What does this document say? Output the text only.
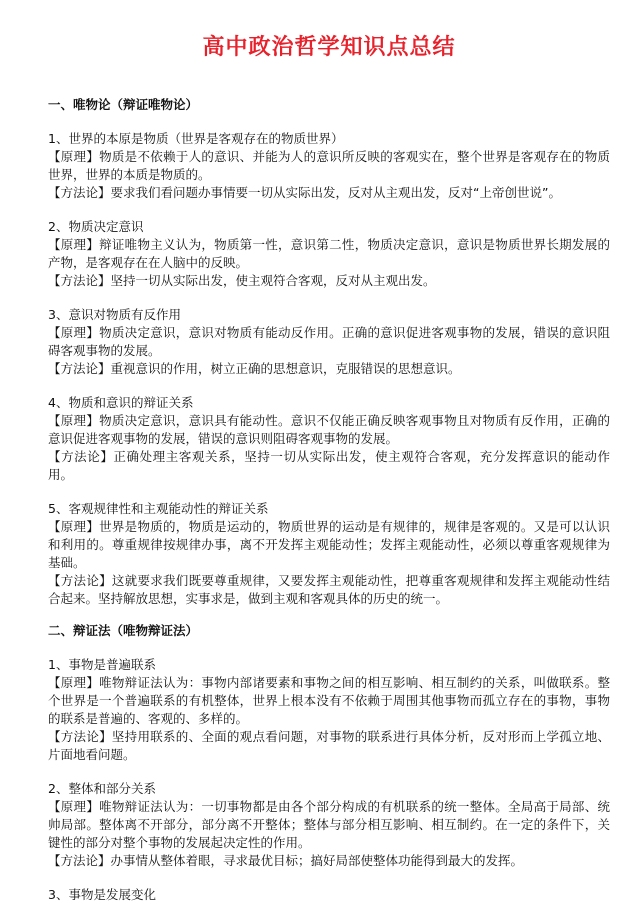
高中政治哲学知识点总结
一、唯物论（辩证唯物论）

1、世界的本原是物质（世界是客观存在的物质世界）

【原理】物质是不依赖于人的意识、并能为人的意识所反映的客观实在，整个世界是客观存在的物质世界，世界的本质是物质的。

【方法论】要求我们看问题办事情要一切从实际出发，反对从主观出发，反对“上帝创世说”。

2、物质决定意识

【原理】辩证唯物主义认为，物质第一性，意识第二性，物质决定意识，意识是物质世界长期发展的产物，是客观存在在人脑中的反映。

【方法论】坚持一切从实际出发，使主观符合客观，反对从主观出发。

3、意识对物质有反作用

【原理】物质决定意识，意识对物质有能动反作用。正确的意识促进客观事物的发展，错误的意识阻碍客观事物的发展。

【方法论】重视意识的作用，树立正确的思想意识，克服错误的思想意识。

4、物质和意识的辩证关系

【原理】物质决定意识，意识具有能动性。意识不仅能正确反映客观事物且对物质有反作用，正确的意识促进客观事物的发展，错误的意识则阻碍客观事物的发展。

【方法论】正确处理主客观关系，坚持一切从实际出发，使主观符合客观，充分发挥意识的能动作用。

5、客观规律性和主观能动性的辩证关系

【原理】世界是物质的，物质是运动的，物质世界的运动是有规律的，规律是客观的。又是可以认识和利用的。尊重规律按规律办事，离不开发挥主观能动性；发挥主观能动性，必须以尊重客观规律为基础。

【方法论】这就要求我们既要尊重规律，又要发挥主观能动性，把尊重客观规律和发挥主观能动性结合起来。坚持解放思想，实事求是，做到主观和客观具体的历史的统一。

二、辩证法（唯物辩证法）

1、事物是普遍联系

【原理】唯物辩证法认为：事物内部诸要素和事物之间的相互影响、相互制约的关系，叫做联系。整个世界是一个普遍联系的有机整体，世界上根本没有不依赖于周围其他事物而孤立存在的事物，事物的联系是普遍的、客观的、多样的。

【方法论】坚持用联系的、全面的观点看问题，对事物的联系进行具体分析，反对形而上学孤立地、片面地看问题。

2、整体和部分关系

【原理】唯物辩证法认为：一切事物都是由各个部分构成的有机联系的统一整体。全局高于局部、统帅局部。整体离不开部分，部分离不开整体；整体与部分相互影响、相互制约。在一定的条件下，关键性的部分对整个事物的发展起决定性的作用。

【方法论】办事情从整体着眼，寻求最优目标；搞好局部使整体功能得到最大的发挥。

3、事物是发展变化
